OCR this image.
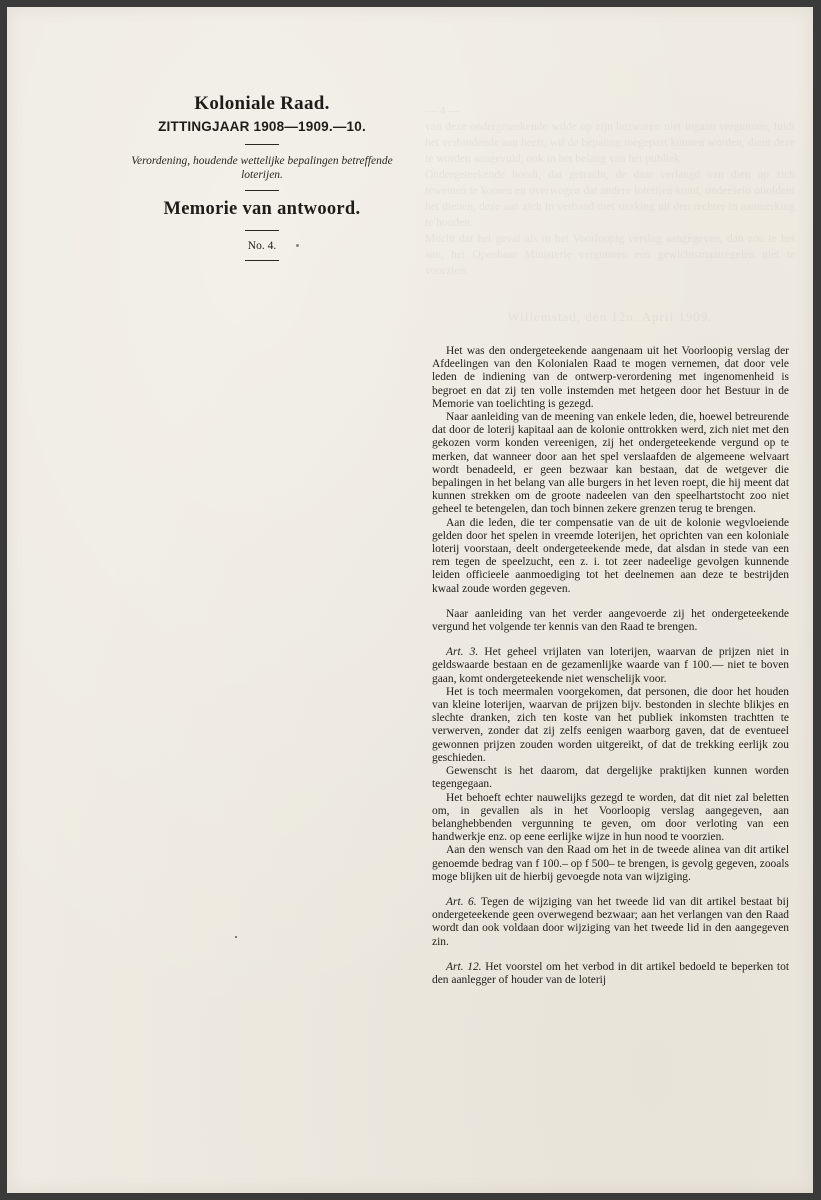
— 4 —
van deze ondergeteekende wilde op zijn bezwaren niet ingaan vergunnen, luidt het verbindende aan heeft, wil de bepaling toegepast kunnen worden, dient deze te worden aangevuld, ook in het belang van het publiek.
Ondergeteekende houdt, dat getracht, de daar verlangd van dien op zich teweinen te komen en overwogen dat andere loterijen komt, ondeeselo oiioldent het dienen, deze aan zich in verband met sterking uit den rechter in aanmerking te houden.
Mocht dat het geval als in het Voorloopig verslag aangegeven, dan zou te het aan, het Openbaar Ministerie vergunnen een gewichtsmaatregelen niet te voorzien.
Willemstad, den 12n. April 1909.
Koloniale Raad.
ZITTINGJAAR 1908—1909.—10.
Verordening, houdende wettelijke bepalingen betreffende loterijen.
Memorie van antwoord.
No. 4.

Het was den ondergeteekende aangenaam uit het Voorloopig verslag der Afdeelingen van den Kolonialen Raad te mogen vernemen, dat door vele leden de indiening van de ontwerp-verordening met ingenomenheid is begroet en dat zij ten volle instemden met hetgeen door het Bestuur in de Memorie van toelichting is gezegd.

Naar aanleiding van de meening van enkele leden, die, hoewel betreurende dat door de loterij kapitaal aan de kolonie onttrokken werd, zich niet met den gekozen vorm konden vereenigen, zij het ondergeteekende vergund op te merken, dat wanneer door aan het spel verslaafden de algemeene welvaart wordt benadeeld, er geen bezwaar kan bestaan, dat de wetgever die bepalingen in het belang van alle burgers in het leven roept, die hij meent dat kunnen strekken om de groote nadeelen van den speelhartstocht zoo niet geheel te betengelen, dan toch binnen zekere grenzen terug te brengen.

Aan die leden, die ter compensatie van de uit de kolonie wegvloeiende gelden door het spelen in vreemde loterijen, het oprichten van een koloniale loterij voorstaan, deelt ondergeteekende mede, dat alsdan in stede van een rem tegen de speelzucht, een z. i. tot zeer nadeelige gevolgen kunnende leiden officieele aanmoediging tot het deelnemen aan deze te bestrijden kwaal zoude worden gegeven.

Naar aanleiding van het verder aangevoerde zij het ondergeteekende vergund het volgende ter kennis van den Raad te brengen.

Art. 3. Het geheel vrijlaten van loterijen, waarvan de prijzen niet in geldswaarde bestaan en de gezamenlijke waarde van f 100.— niet te boven gaan, komt ondergeteekende niet wenschelijk voor.

Het is toch meermalen voorgekomen, dat personen, die door het houden van kleine loterijen, waarvan de prijzen bijv. bestonden in slechte blikjes en slechte dranken, zich ten koste van het publiek inkomsten trachtten te verwerven, zonder dat zij zelfs eenigen waarborg gaven, dat de eventueel gewonnen prijzen zouden worden uitgereikt, of dat de trekking eerlijk zou geschieden.

Gewenscht is het daarom, dat dergelijke praktijken kunnen worden tegengegaan.

Het behoeft echter nauwelijks gezegd te worden, dat dit niet zal beletten om, in gevallen als in het Voorloopig verslag aangegeven, aan belanghebbenden vergunning te geven, om door verloting van een handwerkje enz. op eene eerlijke wijze in hun nood te voorzien.

Aan den wensch van den Raad om het in de tweede alinea van dit artikel genoemde bedrag van f 100.– op f 500– te brengen, is gevolg gegeven, zooals moge blijken uit de hierbij gevoegde nota van wijziging.

Art. 6. Tegen de wijziging van het tweede lid van dit artikel bestaat bij ondergeteekende geen overwegend bezwaar; aan het verlangen van den Raad wordt dan ook voldaan door wijziging van het tweede lid in den aangegeven zin.

Art. 12. Het voorstel om het verbod in dit artikel bedoeld te beperken tot den aanlegger of houder van de loterij
